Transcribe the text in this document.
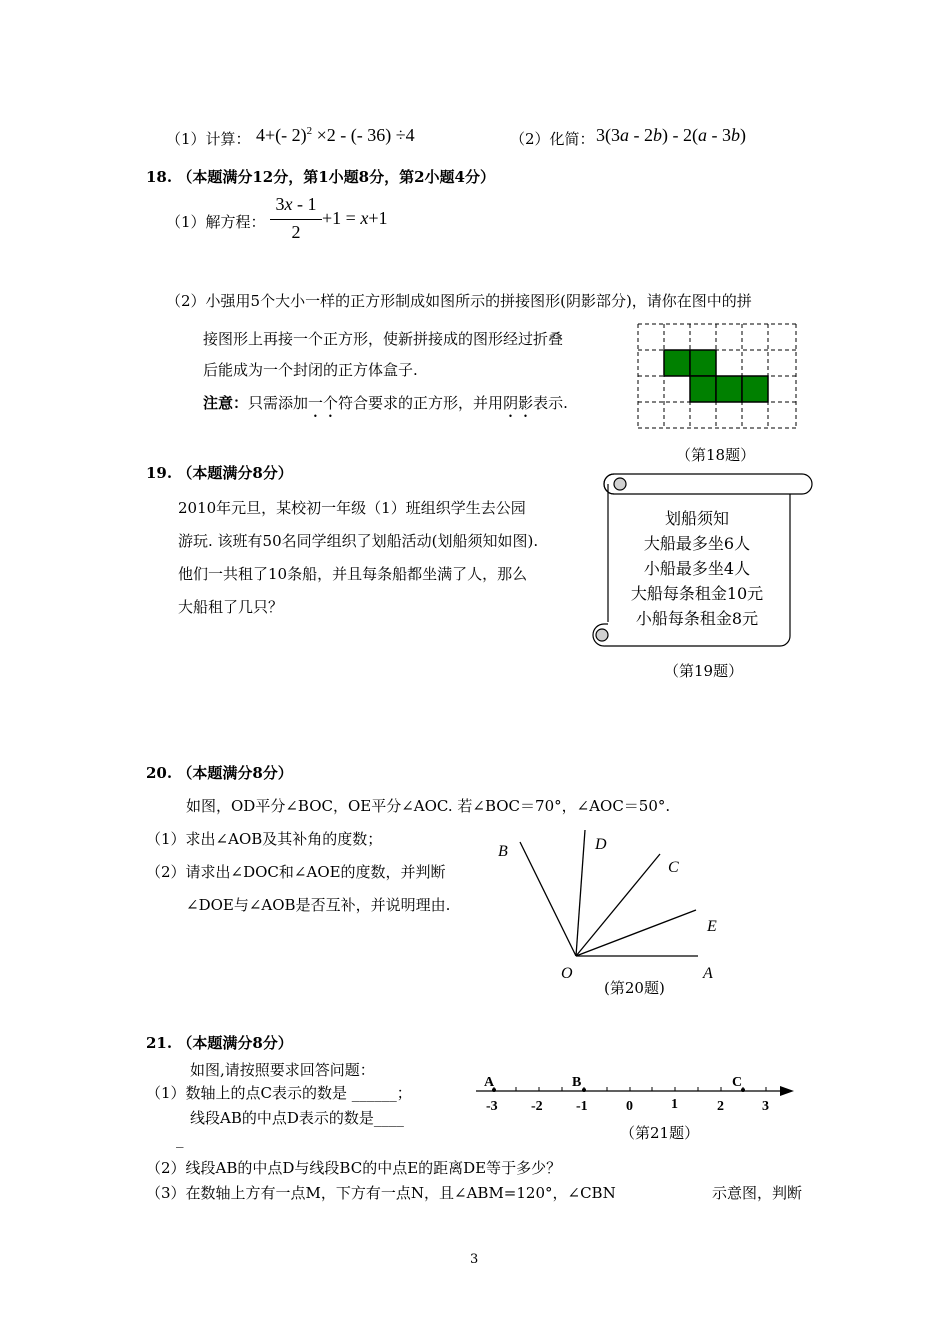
（1）计算： 4+(- 2)$^2$ ×2 - (- 36) ÷4	（2）化简： 3(3a - 2b) - 2(a - 3b)
18. （本题满分12分，第1小题8分，第2小题4分）
（1）解方程：
3x - 1
2
+1 = x+1
（2）小强用5个大小一样的正方形制成如图所示的拼接图形(阴影部分)，请你在图中的拼
接图形上再接一个正方形，使新拼接成的图形经过折叠
后能成为一个封闭的正方体盒子.
注意：只需添加一个符合要求的正方形，并用阴影表示.
（第18题）
19. （本题满分8分）
2010年元旦，某校初一年级（1）班组织学生去公园
游玩. 该班有50名同学组织了划船活动(划船须知如图).
他们一共租了10条船，并且每条船都坐满了人，那么
大船租了几只？
划船须知
大船最多坐6人
小船最多坐4人
大船每条租金10元
小船每条租金8元
（第19题）
20. （本题满分8分）
如图，OD平分∠BOC，OE平分∠AOC. 若∠BOC＝70°，∠AOC＝50°.
（1）求出∠AOB及其补角的度数；
（2）请求出∠DOC和∠AOE的度数，并判断
∠DOE与∠AOB是否互补，并说明理由.
B	D
C
E
O	A
(第20题)
21. （本题满分8分）
如图,请按照要求回答问题：
（1）数轴上的点C表示的数是 ______；
线段AB的中点D表示的数是____
_
（2）线段AB的中点D与线段BC的中点E的距离DE等于多少？
（3）在数轴上方有一点M，下方有一点N，且∠ABM=120°，∠CBN	示意图，判断
A	B	C
-3 -2 -1	0	1	2	3
（第21题）
3
